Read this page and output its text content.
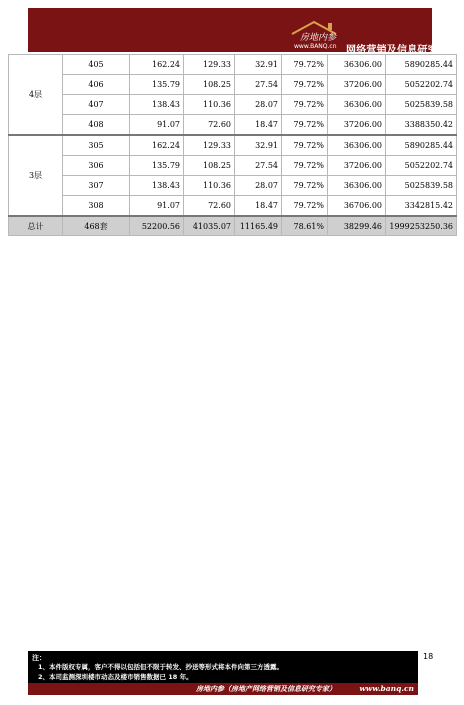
房地内参
www.BANQ.cn 网络营销及信息研究专家
4层	405	162.24	129.33	32.91	79.72%	36306.00	5890285.44
	406	135.79	108.25	27.54	79.72%	37206.00	5052202.74
	407	138.43	110.36	28.07	79.72%	36306.00	5025839.58
	408	91.07	72.60	18.47	79.72%	37206.00	3388350.42
3层	305	162.24	129.33	32.91	79.72%	36306.00	5890285.44
	306	135.79	108.25	27.54	79.72%	37206.00	5052202.74
	307	138.43	110.36	28.07	79.72%	36306.00	5025839.58
	308	91.07	72.60	18.47	79.72%	36706.00	3342815.42
总计	468套	52200.56	41035.07	11165.49	78.61%	38299.46	1999253250.36
18
注：
1、本件版权专属，客户不得以包括但不限于转发、抄送等形式将本件向第三方透露。
2、本司监测深圳楼市动态及楼市销售数据已 18 年。
房地内参（房地产网络营销及信息研究专家）	www.banq.cn
